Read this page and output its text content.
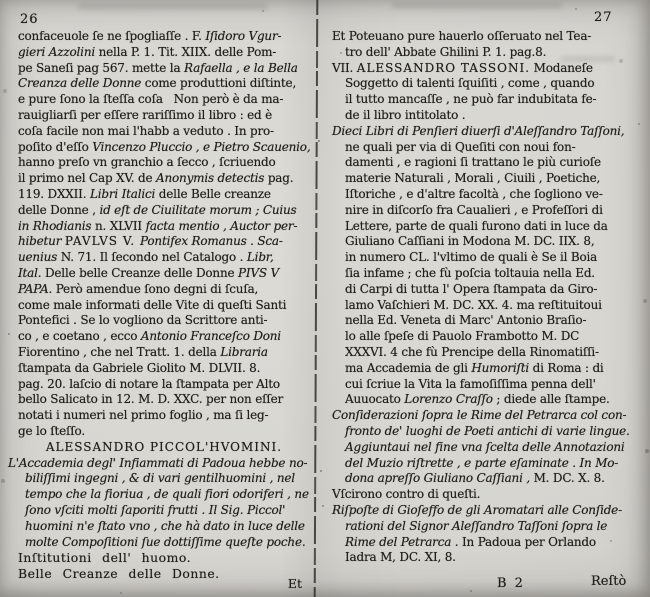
26	27
confaceuole ſe ne ſpogliaſſe . F. Iſidoro Vgur-
gieri Azzolini nella P. 1. Tit. XIIX. delle Pom-
pe Saneſi pag 567. mette la Rafaella , e la Bella
Creanza delle Donne come produttioni diſtinte,
e pure ſono la ſteſſa coſa   Non però è da ma-
rauigliarſi per eſſere rariſſimo il libro : ed è
coſa facile non mai l'habb a veduto . In pro-
poſito d'eſſo Vincenzo Pluccio , e Pietro Scauenio,
hanno preſo vn granchio a ſecco , ſcriuendo
il primo nel Cap XV. de Anonymis detectis pag.
119. DXXII. Libri Italici delle Belle creanze
delle Donne , id eſt de Ciuilitate morum ; Cuius
in Rhodianis n. XLVII facta mentio , Auctor per-
hibetur PAVLVS V. Pontifex Romanus . Sca-
uenius N. 71. Il ſecondo nel Catalogo . Libr,
Ital. Delle belle Creanze delle Donne PIVS V
PAPA. Però amendue ſono degni di ſcuſa,
come male informati delle Vite di queſti Santi
Pontefici . Se lo vogliono da Scrittore anti-
co , e coetano , ecco Antonio Franceſco Doni
Fiorentino , che nel Tratt. 1. della Libraria
ſtampata da Gabriele Giolito M. DLVII. 8.
pag. 20. laſcio di notare la ſtampata per Alto
bello Salicato in 12. M. D. XXC. per non eſſer
notati i numeri nel primo foglio , ma ſi leg-
ge lo ſteſſo.
ALESSANDRO PICCOL'HVOMINI.
L'Accademia degl' Infiammati di Padoua hebbe no-
biliſſimi ingegni , & di vari gentilhuomini , nel
tempo che la fioriua , de quali fiori odoriferi , ne
ſono vſciti molti ſaporiti frutti . Il Sig. Piccol'
huomini n'e ſtato vno , che hà dato in luce delle
molte Compoſitioni ſue dottiſſime queſte poche.
Inſtitutioni dell' huomo.
Belle Creanze delle Donne.
Et Poteuano pure hauerlo oſſeruato nel Tea-
tro dell' Abbate Ghilini P. 1. pag.8.
VII. ALESSANDRO TASSONI. Modaneſe
Soggetto di talenti ſquiſiti , come , quando
il tutto mancaſſe , ne può far indubitata fe-
de il libro intitolato .
Dieci Libri di Penſieri diuerſi d'Aleſſandro Taſſoni,
ne quali per via di Queſiti con noui fon-
damenti , e ragioni ſi trattano le più curioſe
materie Naturali , Morali , Ciuili , Poetiche,
Iſtoriche , e d'altre facoltà , che ſogliono ve-
nire in diſcorſo fra Caualieri , e Profeſſori di
Lettere, parte de quali furono dati in luce da
Giuliano Caſſiani in Modona M. DC. IIX. 8,
in numero CL. l'vltimo de quali è Se il Boia
ſia infame ; che fù poſcia toltauia nella Ed.
di Carpi di tutta l' Opera ſtampata da Giro-
lamo Vaſchieri M. DC. XX. 4. ma reſtituitoui
nella Ed. Veneta di Marc' Antonio Braſio-
lo alle ſpeſe di Pauolo Frambotto M. DC
XXXVI. 4 che fù Prencipe della Rinomatiſſi-
ma Accademia de gli Humoriſti di Roma : di
cui ſcriue la Vita la famoſiſſima penna dell'
Auuocato Lorenzo Craſſo ; diede alle ſtampe.
Conſiderazioni ſopra le Rime del Petrarca col con-
fronto de' luoghi de Poeti antichi di varie lingue.
Aggiuntaui nel fine vna ſcelta delle Annotazioni
del Muzio riſtrette , e parte eſaminate . In Mo-
dona apreſſo Giuliano Caſſiani , M. DC. X. 8.
Vſcirono contro di queſti.
Riſpoſte di Gioſeffo de gli Aromatari alle Conſide-
rationi del Signor Aleſſandro Taſſoni ſopra le
Rime del Petrarca . In Padoua per Orlando
Iadra M, DC. XI, 8.
Et	B 2	Reſtò
